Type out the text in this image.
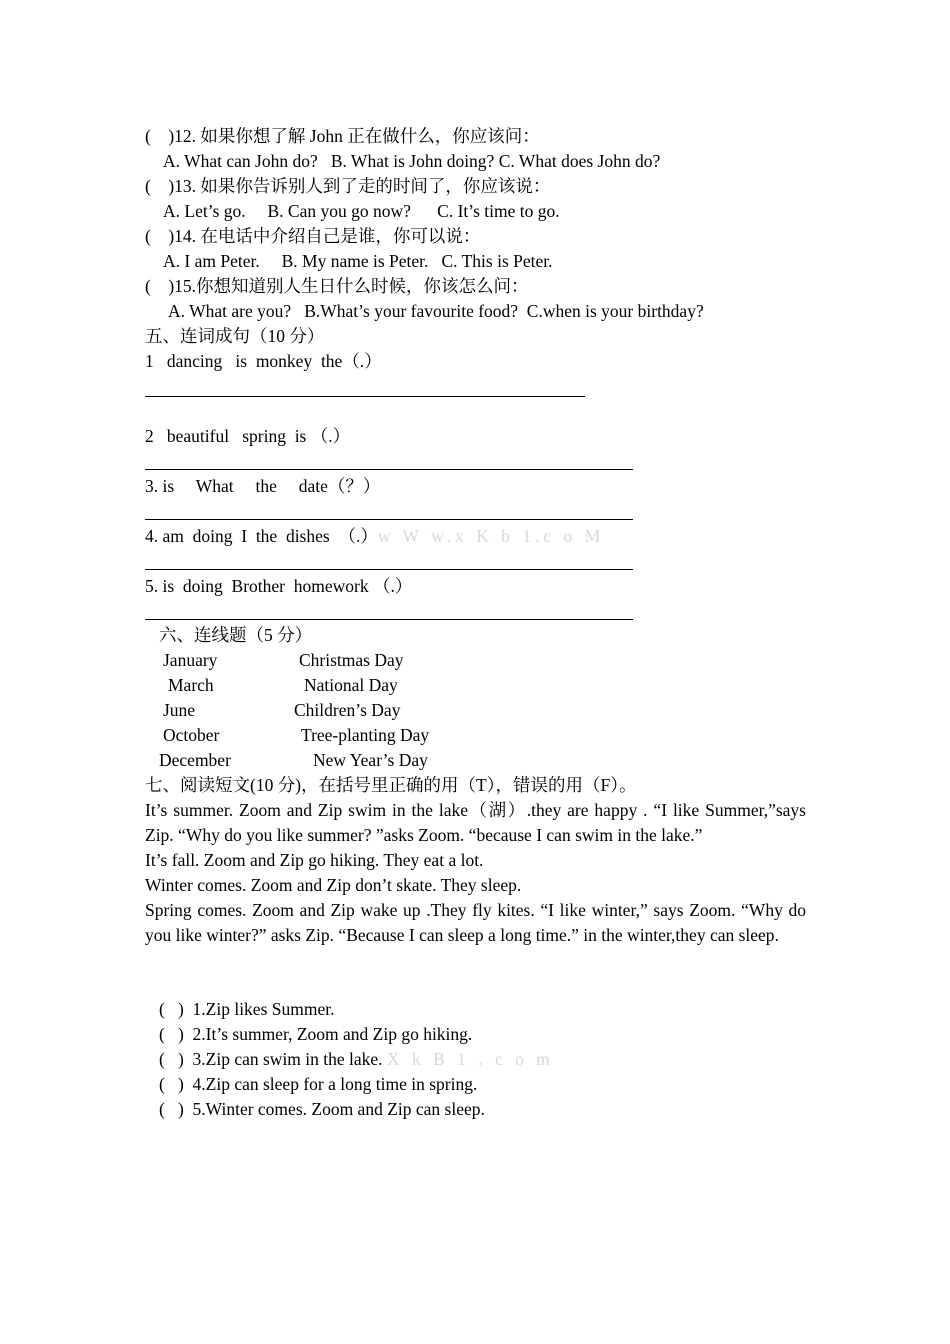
(    )12. 如果你想了解 John 正在做什么，你应该问：
A. What can John do?   B. What is John doing? C. What does John do?
(    )13. 如果你告诉别人到了走的时间了，你应该说：
A. Let’s go.     B. Can you go now?      C. It’s time to go.
(    )14. 在电话中介绍自己是谁，你可以说：
A. I am Peter.     B. My name is Peter.   C. This is Peter.
(    )15.你想知道别人生日什么时候，你该怎么问：
A. What are you?   B.What’s your favourite food?  C.when is your birthday?
五、连词成句（10 分）
1   dancing   is  monkey  the（.）
2   beautiful   spring  is （.）
3. is     What     the     date（？）
4. am  doing  I  the  dishes  （.）w W w.x K b 1.c o M
5. is  doing  Brother  homework （.）
六、连线题（5 分）
January
March
June
October
December
Christmas Day
National Day
Children’s Day
Tree-planting Day
New Year’s Day
七、阅读短文(10 分)，在括号里正确的用（T），错误的用（F）。
It’s summer. Zoom and Zip swim in the lake（湖）.they are happy . “I like Summer,”says Zip. “Why do you like summer? ”asks Zoom. “because I can swim in the lake.”
It’s fall. Zoom and Zip go hiking. They eat a lot.
Winter comes. Zoom and Zip don’t skate. They sleep.
Spring comes. Zoom and Zip wake up .They fly kites. “I like winter,” says Zoom. “Why do you like winter?” asks Zip. “Because I can sleep a long time.” in the winter,they can sleep.
(   )  1.Zip likes Summer.
(   )  2.It’s summer, Zoom and Zip go hiking.
(   )  3.Zip can swim in the lake. X k B 1 . c o m
(   )  4.Zip can sleep for a long time in spring.
(   )  5.Winter comes. Zoom and Zip can sleep.
